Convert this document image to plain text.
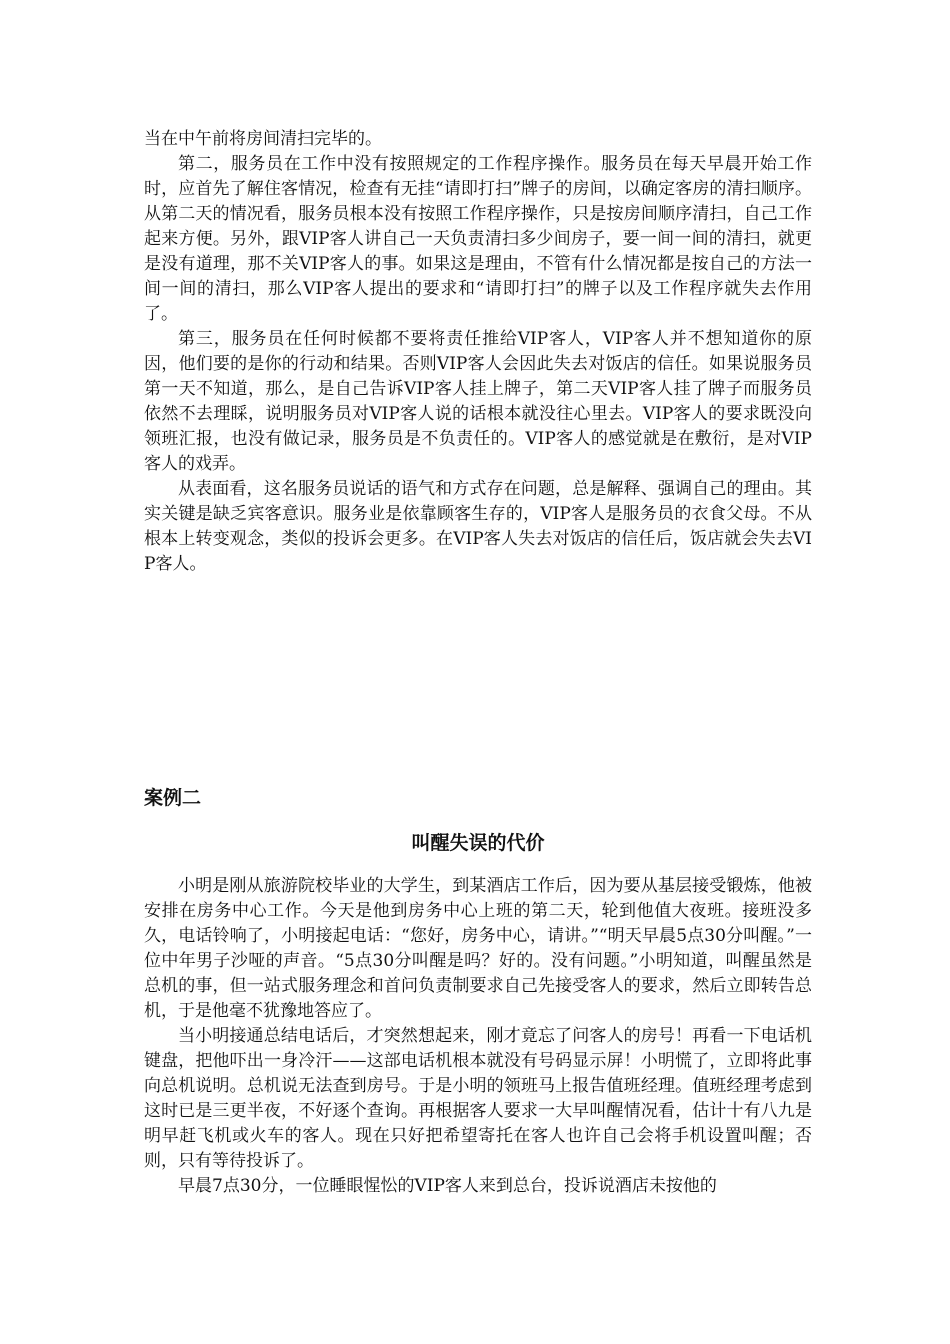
当在中午前将房间清扫完毕的。

第二，服务员在工作中没有按照规定的工作程序操作。服务员在每天早晨开始工作时，应首先了解住客情况，检查有无挂“请即打扫”牌子的房间，以确定客房的清扫顺序。从第二天的情况看，服务员根本没有按照工作程序操作，只是按房间顺序清扫，自己工作起来方便。另外，跟VIP客人讲自己一天负责清扫多少间房子，要一间一间的清扫，就更是没有道理，那不关VIP客人的事。如果这是理由，不管有什么情况都是按自己的方法一间一间的清扫，那么VIP客人提出的要求和“请即打扫”的牌子以及工作程序就失去作用了。

第三，服务员在任何时候都不要将责任推给VIP客人，VIP客人并不想知道你的原因，他们要的是你的行动和结果。否则VIP客人会因此失去对饭店的信任。如果说服务员第一天不知道，那么，是自己告诉VIP客人挂上牌子，第二天VIP客人挂了牌子而服务员依然不去理睬，说明服务员对VIP客人说的话根本就没往心里去。VIP客人的要求既没向领班汇报，也没有做记录，服务员是不负责任的。VIP客人的感觉就是在敷衍，是对VIP客人的戏弄。

从表面看，这名服务员说话的语气和方式存在问题，总是解释、强调自己的理由。其实关键是缺乏宾客意识。服务业是依靠顾客生存的，VIP客人是服务员的衣食父母。不从根本上转变观念，类似的投诉会更多。在VIP客人失去对饭店的信任后，饭店就会失去VIP客人。

案例二
叫醒失误的代价

小明是刚从旅游院校毕业的大学生，到某酒店工作后，因为要从基层接受锻炼，他被安排在房务中心工作。今天是他到房务中心上班的第二天，轮到他值大夜班。接班没多久，电话铃响了，小明接起电话：“您好，房务中心，请讲。”“明天早晨5点30分叫醒。”一位中年男子沙哑的声音。“5点30分叫醒是吗？好的。没有问题。”小明知道，叫醒虽然是总机的事，但一站式服务理念和首问负责制要求自己先接受客人的要求，然后立即转告总机，于是他毫不犹豫地答应了。

当小明接通总结电话后，才突然想起来，刚才竟忘了问客人的房号！再看一下电话机键盘，把他吓出一身冷汗——这部电话机根本就没有号码显示屏！小明慌了，立即将此事向总机说明。总机说无法查到房号。于是小明的领班马上报告值班经理。值班经理考虑到这时已是三更半夜，不好逐个查询。再根据客人要求一大早叫醒情况看，估计十有八九是明早赶飞机或火车的客人。现在只好把希望寄托在客人也许自己会将手机设置叫醒；否则，只有等待投诉了。

早晨7点30分，一位睡眼惺忪的VIP客人来到总台，投诉说酒店未按他的
